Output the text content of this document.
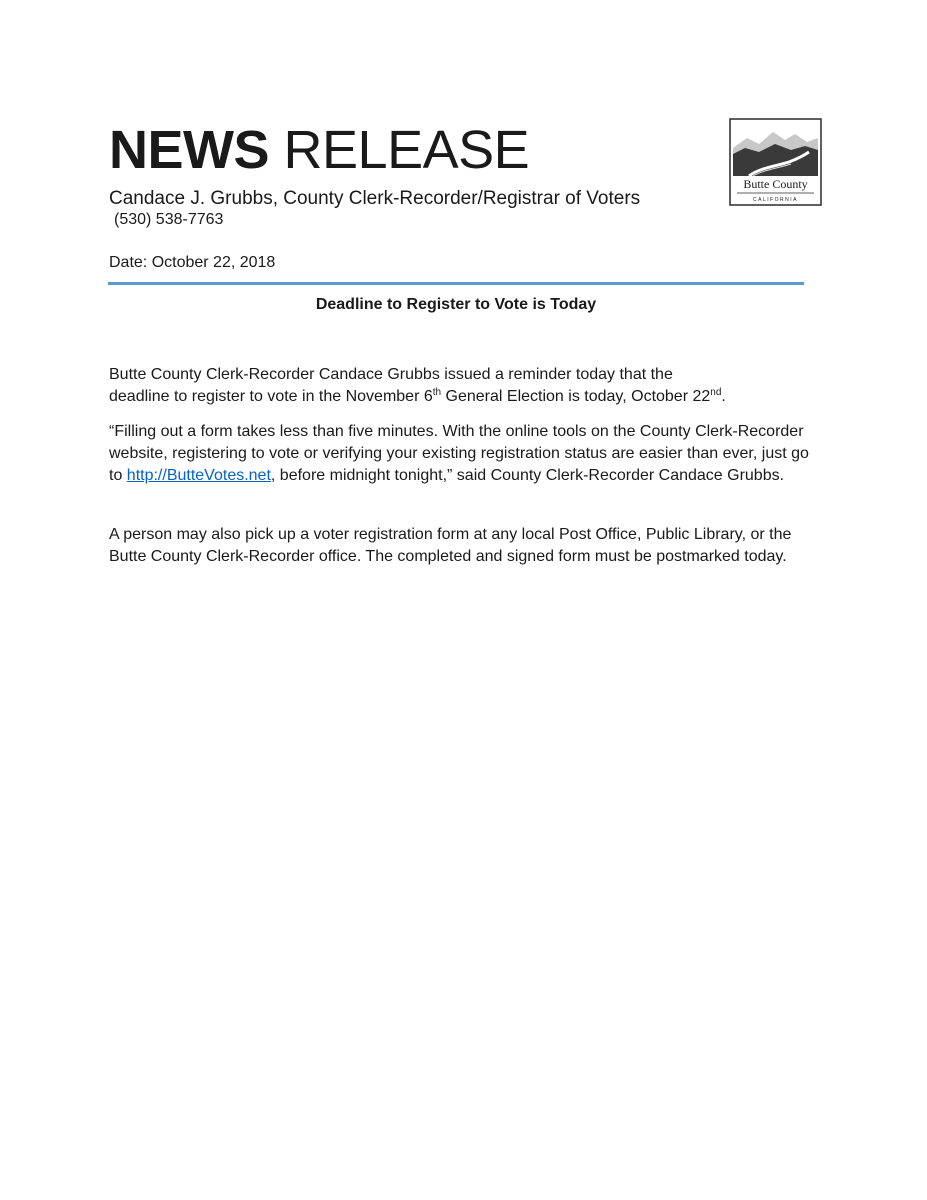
NEWS RELEASE
Candace J. Grubbs, County Clerk-Recorder/Registrar of Voters
(530) 538-7763
Date: October 22, 2018
Deadline to Register to Vote is Today
Butte County Clerk-Recorder Candace Grubbs issued a reminder today that the
deadline to register to vote in the November 6th General Election is today, October 22nd.
“Filling out a form takes less than five minutes. With the online tools on the County Clerk-Recorder website, registering to vote or verifying your existing registration status are easier than ever, just go to http://ButteVotes.net, before midnight tonight,” said County Clerk-Recorder Candace Grubbs.
A person may also pick up a voter registration form at any local Post Office, Public Library, or the Butte County Clerk-Recorder office. The completed and signed form must be postmarked today.
Butte County
CALIFORNIA
